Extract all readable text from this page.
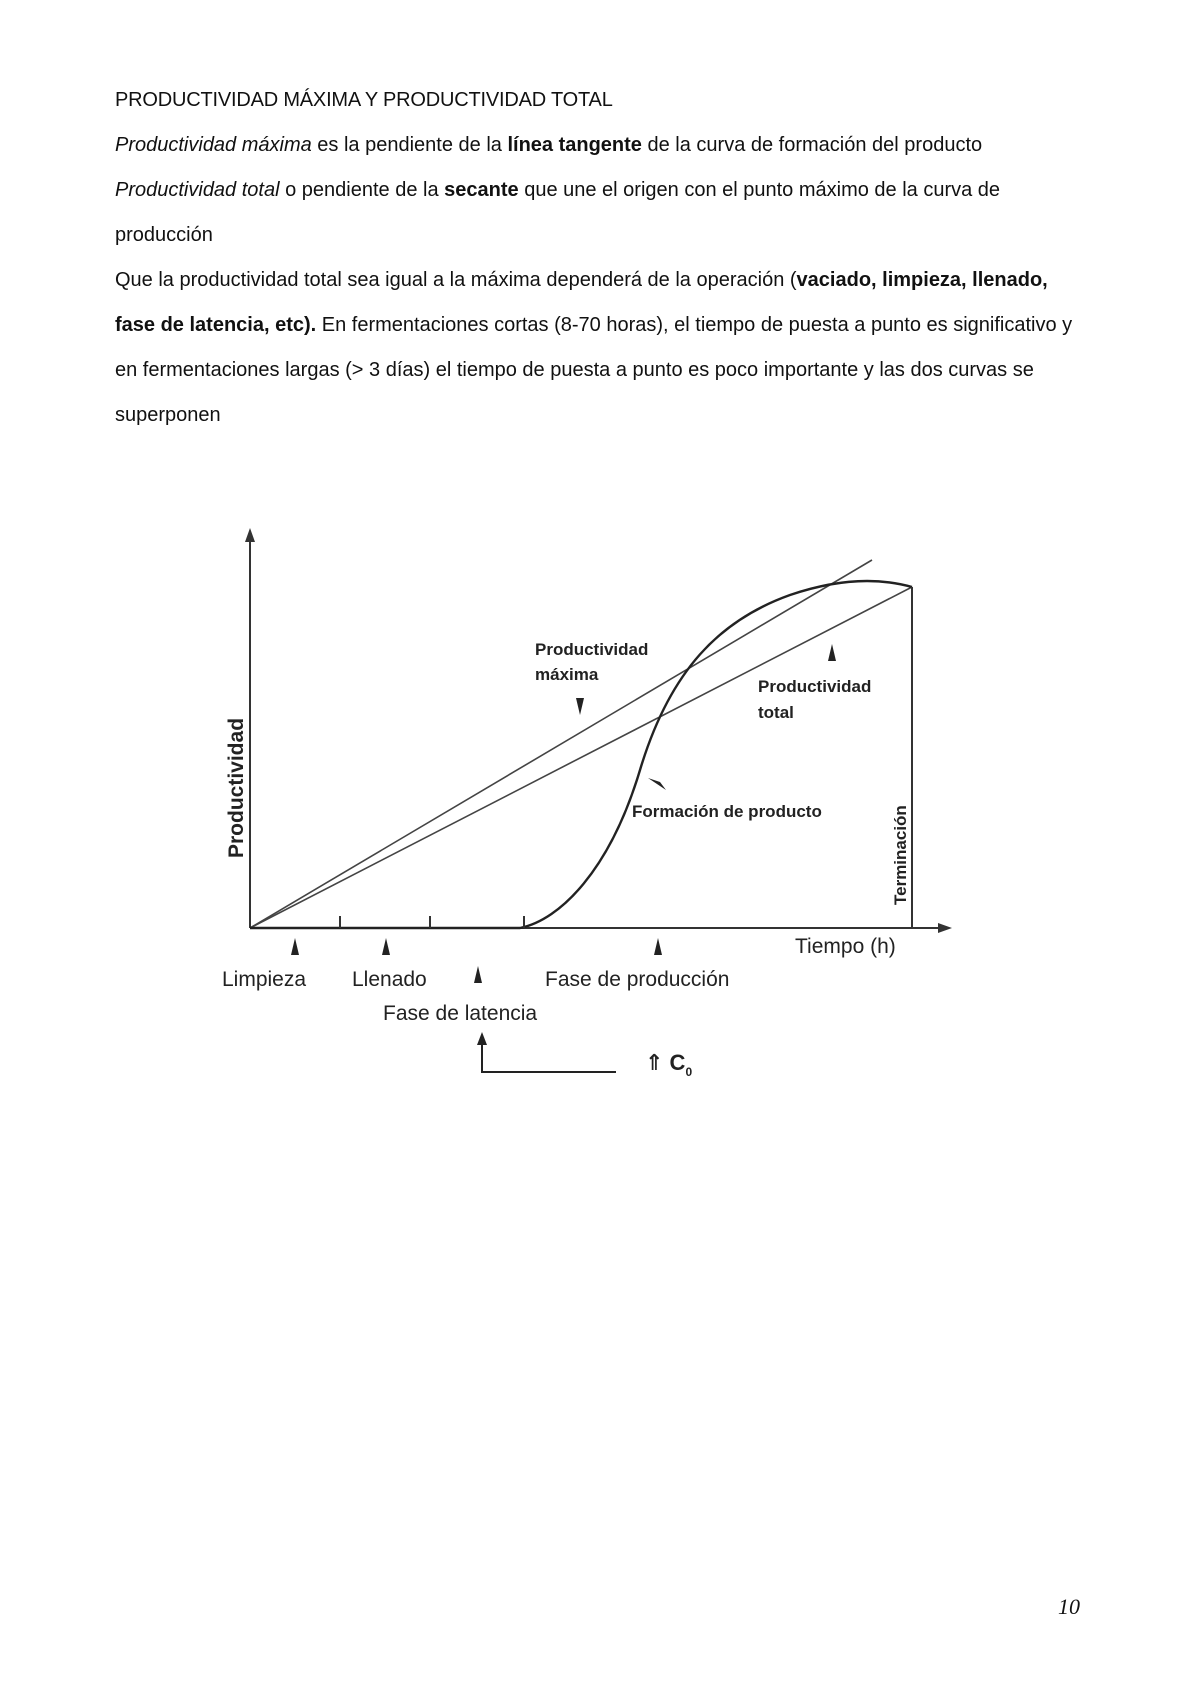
PRODUCTIVIDAD MÁXIMA Y PRODUCTIVIDAD TOTAL

Productividad máxima es la pendiente de la línea tangente de la curva de formación del producto

Productividad total o pendiente de la secante que une el origen con el punto máximo de la curva de producción

Que la productividad total sea igual a la máxima dependerá de la operación (vaciado, limpieza, llenado, fase de latencia, etc). En fermentaciones cortas (8-70 horas), el tiempo de puesta a punto es significativo y en fermentaciones largas (> 3 días) el tiempo de puesta a punto es poco importante y las dos curvas se superponen

Productividad
Tiempo (h)
Productividad
máxima
Productividad
total
Formación de producto	Terminación
Limpieza Llenado
Fase de latencia
Fase de producción
⇑ $C_0$
10
